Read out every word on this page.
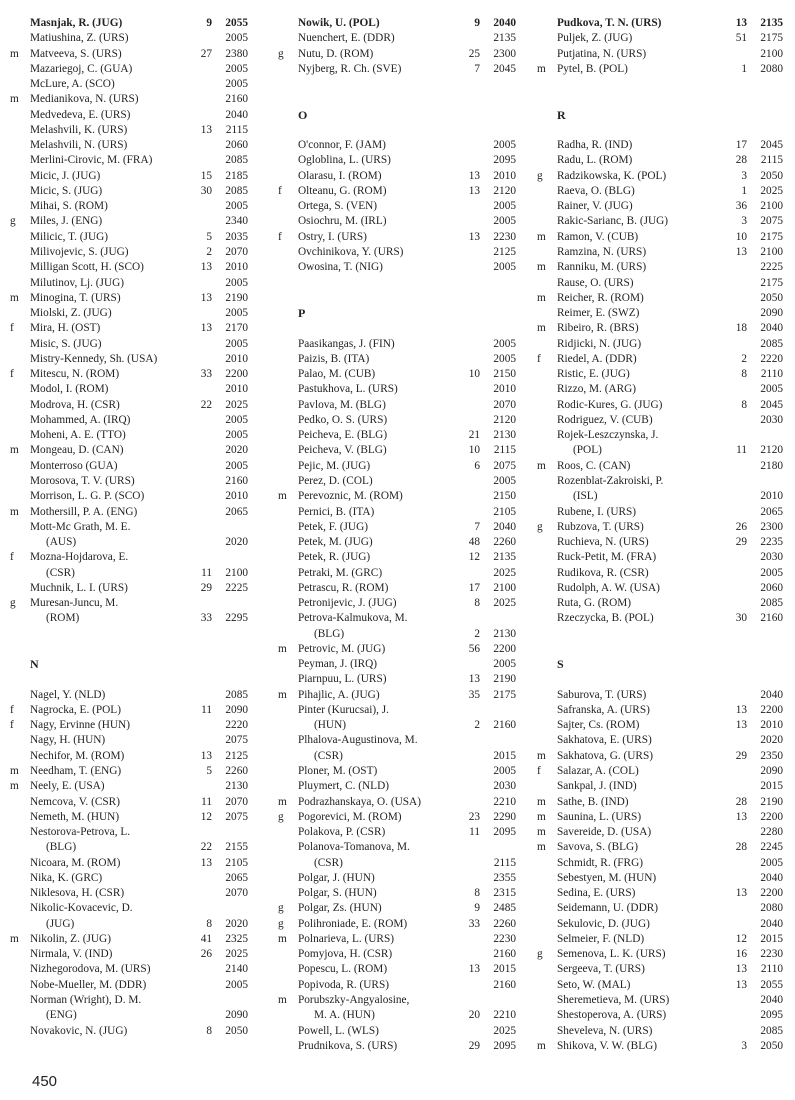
Masnjak, R. (JUG)	9 2055
Matiushina, Z. (URS)	2005
m Matveeva, S. (URS)	27 2380
Mazariegoj, C. (GUA)	2005
McLure, A. (SCO)	2005
m Medianikova, N. (URS)	2160
Medvedeva, E. (URS)	2040
Melashvili, K. (URS)	13 2115
Melashvili, N. (URS)	2060
Merlini-Cirovic, M. (FRA)	2085
Micic, J. (JUG)	15 2185
Micic, S. (JUG)	30 2085
Mihai, S. (ROM)	2005
g	Miles, J. (ENG)	2340
Milicic, T. (JUG)	5 2035
Milivojevic, S. (JUG)	2 2070
Milligan Scott, H. (SCO)	13 2010
Milutinov, Lj. (JUG)	2005
m Minogina, T. (URS)	13 2190
Miolski, Z. (JUG)	2005
f	Mira, H. (OST)	13 2170
Misic, S. (JUG)	2005
Mistry-Kennedy, Sh. (USA)	2010
f	Mitescu, N. (ROM)	33 2200
Modol, I. (ROM)	2010
Modrova, H. (CSR)	22 2025
Mohammed, A. (IRQ)	2005
Moheni, A. E. (TTO)	2005
m Mongeau, D. (CAN)	2020
Monterroso (GUA)	2005
Morosova, T. V. (URS)	2160
Morrison, L. G. P. (SCO)	2010
m Mothersill, P. A. (ENG)	2065
Mott-Mc Grath, M. E.
(AUS)	2020
f	Mozna-Hojdarova, E.
(CSR)	11 2100
Muchnik, L. I. (URS)	29 2225
g	Muresan-Juncu, M.
(ROM)	33 2295
N
Nagel, Y. (NLD)	2085
f	Nagrocka, E. (POL)	11 2090
f	Nagy, Ervinne (HUN)	2220
Nagy, H. (HUN)	2075
Nechifor, M. (ROM)	13 2125
m Needham, T. (ENG)	5 2260
m Neely, E. (USA)	2130
Nemcova, V. (CSR)	11 2070
Nemeth, M. (HUN)	12 2075
Nestorova-Petrova, L.
(BLG)	22 2155
Nicoara, M. (ROM)	13 2105
Nika, K. (GRC)	2065
Niklesova, H. (CSR)	2070
Nikolic-Kovacevic, D.
(JUG)	8 2020
m Nikolin, Z. (JUG)	41 2325
Nirmala, V. (IND)	26 2025
Nizhegorodova, M. (URS)	2140
Nobe-Mueller, M. (DDR)	2005
Norman (Wright), D. M.
(ENG)	2090
Novakovic, N. (JUG)	8 2050
Nowik, U. (POL)	9 2040
Nuenchert, E. (DDR)	2135
g	Nutu, D. (ROM)	25 2300
Nyjberg, R. Ch. (SVE)	7 2045
O
O'connor, F. (JAM)	2005
Ogloblina, L. (URS)	2095
Olarasu, I. (ROM)	13 2010
f	Olteanu, G. (ROM)	13 2120
Ortega, S. (VEN)	2005
Osiochru, M. (IRL)	2005
f	Ostry, I. (URS)	13 2230
Ovchinikova, Y. (URS)	2125
Owosina, T. (NIG)	2005
P
Paasikangas, J. (FIN)	2005
Paizis, B. (ITA)	2005
Palao, M. (CUB)	10 2150
Pastukhova, L. (URS)	2010
Pavlova, M. (BLG)	2070
Pedko, O. S. (URS)	2120
Peicheva, E. (BLG)	21 2130
Peicheva, V. (BLG)	10 2115
Pejic, M. (JUG)	6 2075
Perez, D. (COL)	2005
m Perevoznic, M. (ROM)	2150
Pernici, B. (ITA)	2105
Petek, F. (JUG)	7 2040
Petek, M. (JUG)	48 2260
Petek, R. (JUG)	12 2135
Petraki, M. (GRC)	2025
Petrascu, R. (ROM)	17 2100
Petronijevic, J. (JUG)	8 2025
Petrova-Kalmukova, M.
(BLG)	2 2130
m Petrovic, M. (JUG)	56 2200
Peyman, J. (IRQ)	2005
Piarnpuu, L. (URS)	13 2190
m Pihajlic, A. (JUG)	35 2175
Pinter (Kurucsai), J.
(HUN)	2 2160
Plhalova-Augustinova, M.
(CSR)	2015
Ploner, M. (OST)	2005
Pluymert, C. (NLD)	2030
m Podrazhanskaya, O. (USA)	2210
g	Pogorevici, M. (ROM)	23 2290
Polakova, P. (CSR)	11 2095
Polanova-Tomanova, M.
(CSR)	2115
Polgar, J. (HUN)	2355
Polgar, S. (HUN)	8 2315
g	Polgar, Zs. (HUN)	9 2485
g	Polihroniade, E. (ROM)	33 2260
m Polnarieva, L. (URS)	2230
Pomyjova, H. (CSR)	2160
Popescu, L. (ROM)	13 2015
Popivoda, R. (URS)	2160
m Porubszky-Angyalosine,
M. A. (HUN)	20 2210
Powell, L. (WLS)	2025
Prudnikova, S. (URS)	29 2095
Pudkova, T. N. (URS)	13 2135
Puljek, Z. (JUG)	51 2175
Putjatina, N. (URS)	2100
m Pytel, B. (POL)	1 2080
R
Radha, R. (IND)	17 2045
Radu, L. (ROM)	28 2115
g	Radzikowska, K. (POL)	3 2050
Raeva, O. (BLG)	1 2025
Rainer, V. (JUG)	36 2100
Rakic-Sarianc, B. (JUG)	3 2075
m Ramon, V. (CUB)	10 2175
Ramzina, N. (URS)	13 2100
m Ranniku, M. (URS)	2225
Rause, O. (URS)	2175
m Reicher, R. (ROM)	2050
Reimer, E. (SWZ)	2090
m Ribeiro, R. (BRS)	18 2040
Ridjicki, N. (JUG)	2085
f	Riedel, A. (DDR)	2 2220
Ristic, E. (JUG)	8 2110
Rizzo, M. (ARG)	2005
Rodic-Kures, G. (JUG)	8 2045
Rodriguez, V. (CUB)	2030
Rojek-Leszczynska, J.
(POL)	11 2120
m Roos, C. (CAN)	2180
Rozenblat-Zakroiski, P.
(ISL)	2010
Rubene, I. (URS)	2065
g	Rubzova, T. (URS)	26 2300
Ruchieva, N. (URS)	29 2235
Ruck-Petit, M. (FRA)	2030
Rudikova, R. (CSR)	2005
Rudolph, A. W. (USA)	2060
Ruta, G. (ROM)	2085
Rzeczycka, B. (POL)	30 2160
S
Saburova, T. (URS)	2040
Safranska, A. (URS)	13 2200
Sajter, Cs. (ROM)	13 2010
Sakhatova, E. (URS)	2020
m Sakhatova, G. (URS)	29 2350
f	Salazar, A. (COL)	2090
Sankpal, J. (IND)	2015
m Sathe, B. (IND)	28 2190
m Saunina, L. (URS)	13 2200
m Savereide, D. (USA)	2280
m Savova, S. (BLG)	28 2245
Schmidt, R. (FRG)	2005
Sebestyen, M. (HUN)	2040
Sedina, E. (URS)	13 2200
Seidemann, U. (DDR)	2080
Sekulovic, D. (JUG)	2040
Selmeier, F. (NLD)	12 2015
g	Semenova, L. K. (URS)	16 2230
Sergeeva, T. (URS)	13 2110
Seto, W. (MAL)	13 2055
Sheremetieva, M. (URS)	2040
Shestoperova, A. (URS)	2095
Sheveleva, N. (URS)	2085
m Shikova, V. W. (BLG)	3 2050
450
